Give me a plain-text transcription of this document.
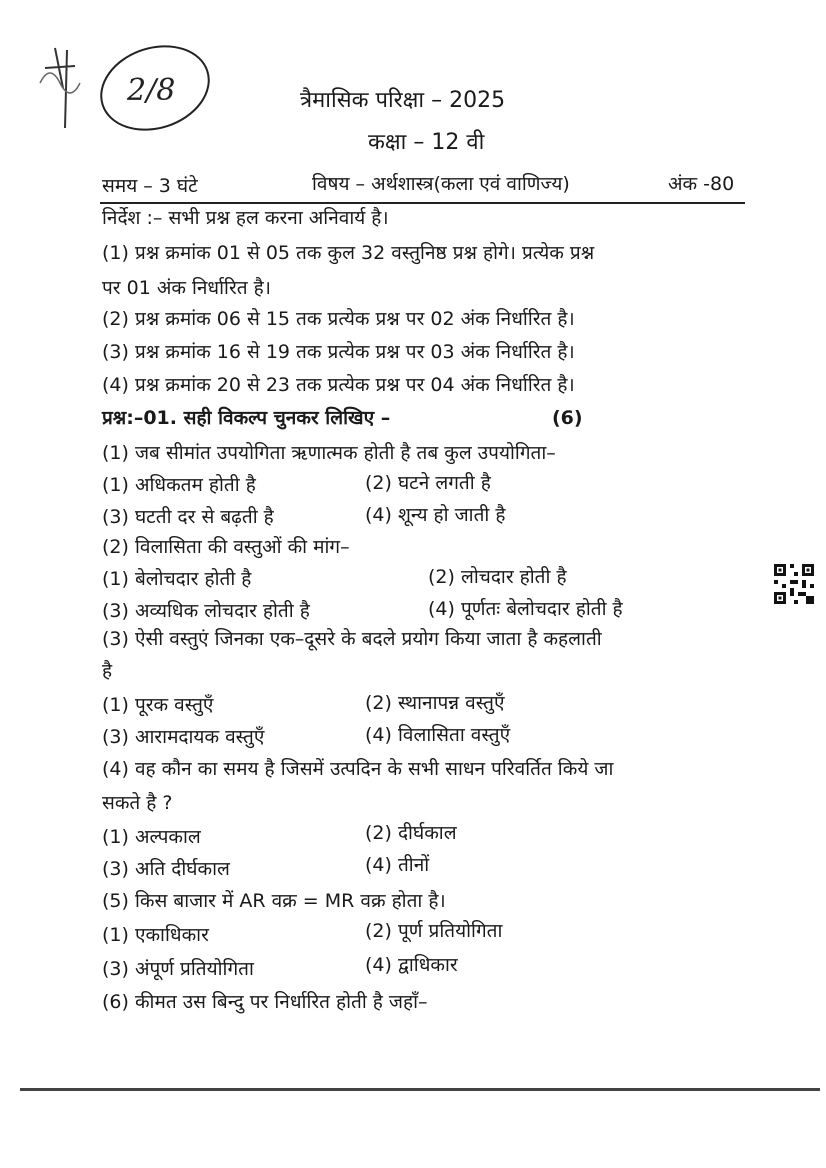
2/8	त्रैमासिक परिक्षा – 2025
कक्षा – 12 वी
समय – 3 घंटे	विषय – अर्थशास्त्र(कला एवं वाणिज्य)	अंक -80
निर्देश :– सभी प्रश्न हल करना अनिवार्य है।
(1) प्रश्न क्रमांक 01 से 05 तक कुल 32 वस्तुनिष्ठ प्रश्न होगे। प्रत्येक प्रश्न
पर 01 अंक निर्धारित है।
(2) प्रश्न क्रमांक 06 से 15 तक प्रत्येक प्रश्न पर 02 अंक निर्धारित है।
(3) प्रश्न क्रमांक 16 से 19 तक प्रत्येक प्रश्न पर 03 अंक निर्धारित है।
(4) प्रश्न क्रमांक 20 से 23 तक प्रत्येक प्रश्न पर 04 अंक निर्धारित है।
प्रश्न:–01. सही विकल्प चुनकर लिखिए –	(6)
(1) जब सीमांत उपयोगिता ऋणात्मक होती है तब कुल उपयोगिता–
(1) अधिकतम होती है	(2) घटने लगती है
(3) घटती दर से बढ़ती है	(4) शून्य हो जाती है
(2) विलासिता की वस्तुओं की मांग–
(1) बेलोचदार होती है	(2) लोचदार होती है
(3) अव्यधिक लोचदार होती है	(4) पूर्णतः बेलोचदार होती है
(3) ऐसी वस्तुएं जिनका एक–दूसरे के बदले प्रयोग किया जाता है कहलाती
है
(1) पूरक वस्तुएँ	(2) स्थानापन्न वस्तुएँ
(3) आरामदायक वस्तुएँ	(4) विलासिता वस्तुएँ
(4) वह कौन का समय है जिसमें उत्पदिन के सभी साधन परिवर्तित किये जा
सकते है ?
(1) अल्पकाल	(2) दीर्घकाल
(3) अति दीर्घकाल	(4) तीनों
(5) किस बाजार में AR वक्र = MR वक्र होता है।
(1) एकाधिकार	(2) पूर्ण प्रतियोगिता
(3) अंपूर्ण प्रतियोगिता	(4) द्वाधिकार
(6) कीमत उस बिन्दु पर निर्धारित होती है जहाँ–
